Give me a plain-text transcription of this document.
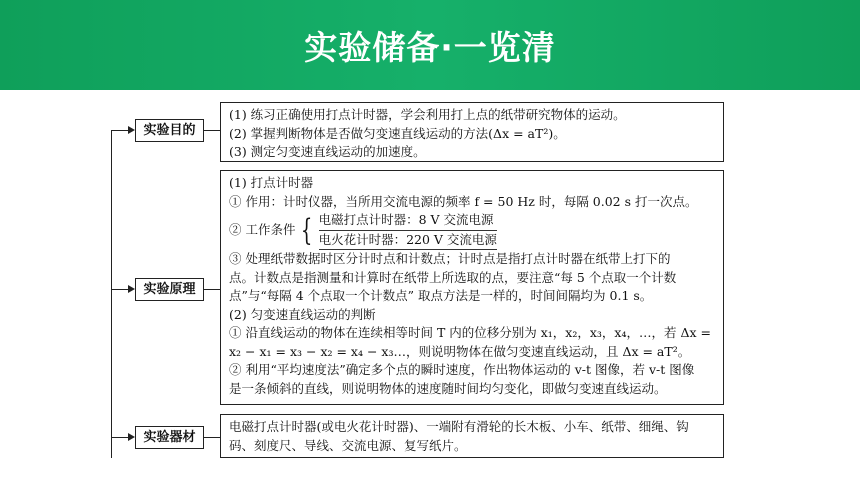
实验储备·一览清
实验目的
(1) 练习正确使用打点计时器，学会利用打上点的纸带研究物体的运动。
(2) 掌握判断物体是否做匀变速直线运动的方法(Δx = aT²)。
(3) 测定匀变速直线运动的加速度。
实验原理
(1) 打点计时器
① 作用：计时仪器，当所用交流电源的频率 f = 50 Hz 时，每隔 0.02 s 打一次点。
② 工作条件 { 电磁打点计时器：8 V 交流电源
电火花计时器：220 V 交流电源
③ 处理纸带数据时区分计时点和计数点；计时点是指打点计时器在纸带上打下的
点。计数点是指测量和计算时在纸带上所选取的点，要注意“每 5 个点取一个计数
点”与“每隔 4 个点取一个计数点” 取点方法是一样的，时间间隔均为 0.1 s。
(2) 匀变速直线运动的判断
① 沿直线运动的物体在连续相等时间 T 内的位移分别为 x₁，x₂，x₃，x₄，…，若 Δx =
x₂ − x₁ = x₃ − x₂ = x₄ − x₃…，则说明物体在做匀变速直线运动，且 Δx = aT²。
② 利用“平均速度法”确定多个点的瞬时速度，作出物体运动的 v-t 图像，若 v-t 图像
是一条倾斜的直线，则说明物体的速度随时间均匀变化，即做匀变速直线运动。
实验器材
电磁打点计时器(或电火花计时器)、一端附有滑轮的长木板、小车、纸带、细绳、钩
码、刻度尺、导线、交流电源、复写纸片。
